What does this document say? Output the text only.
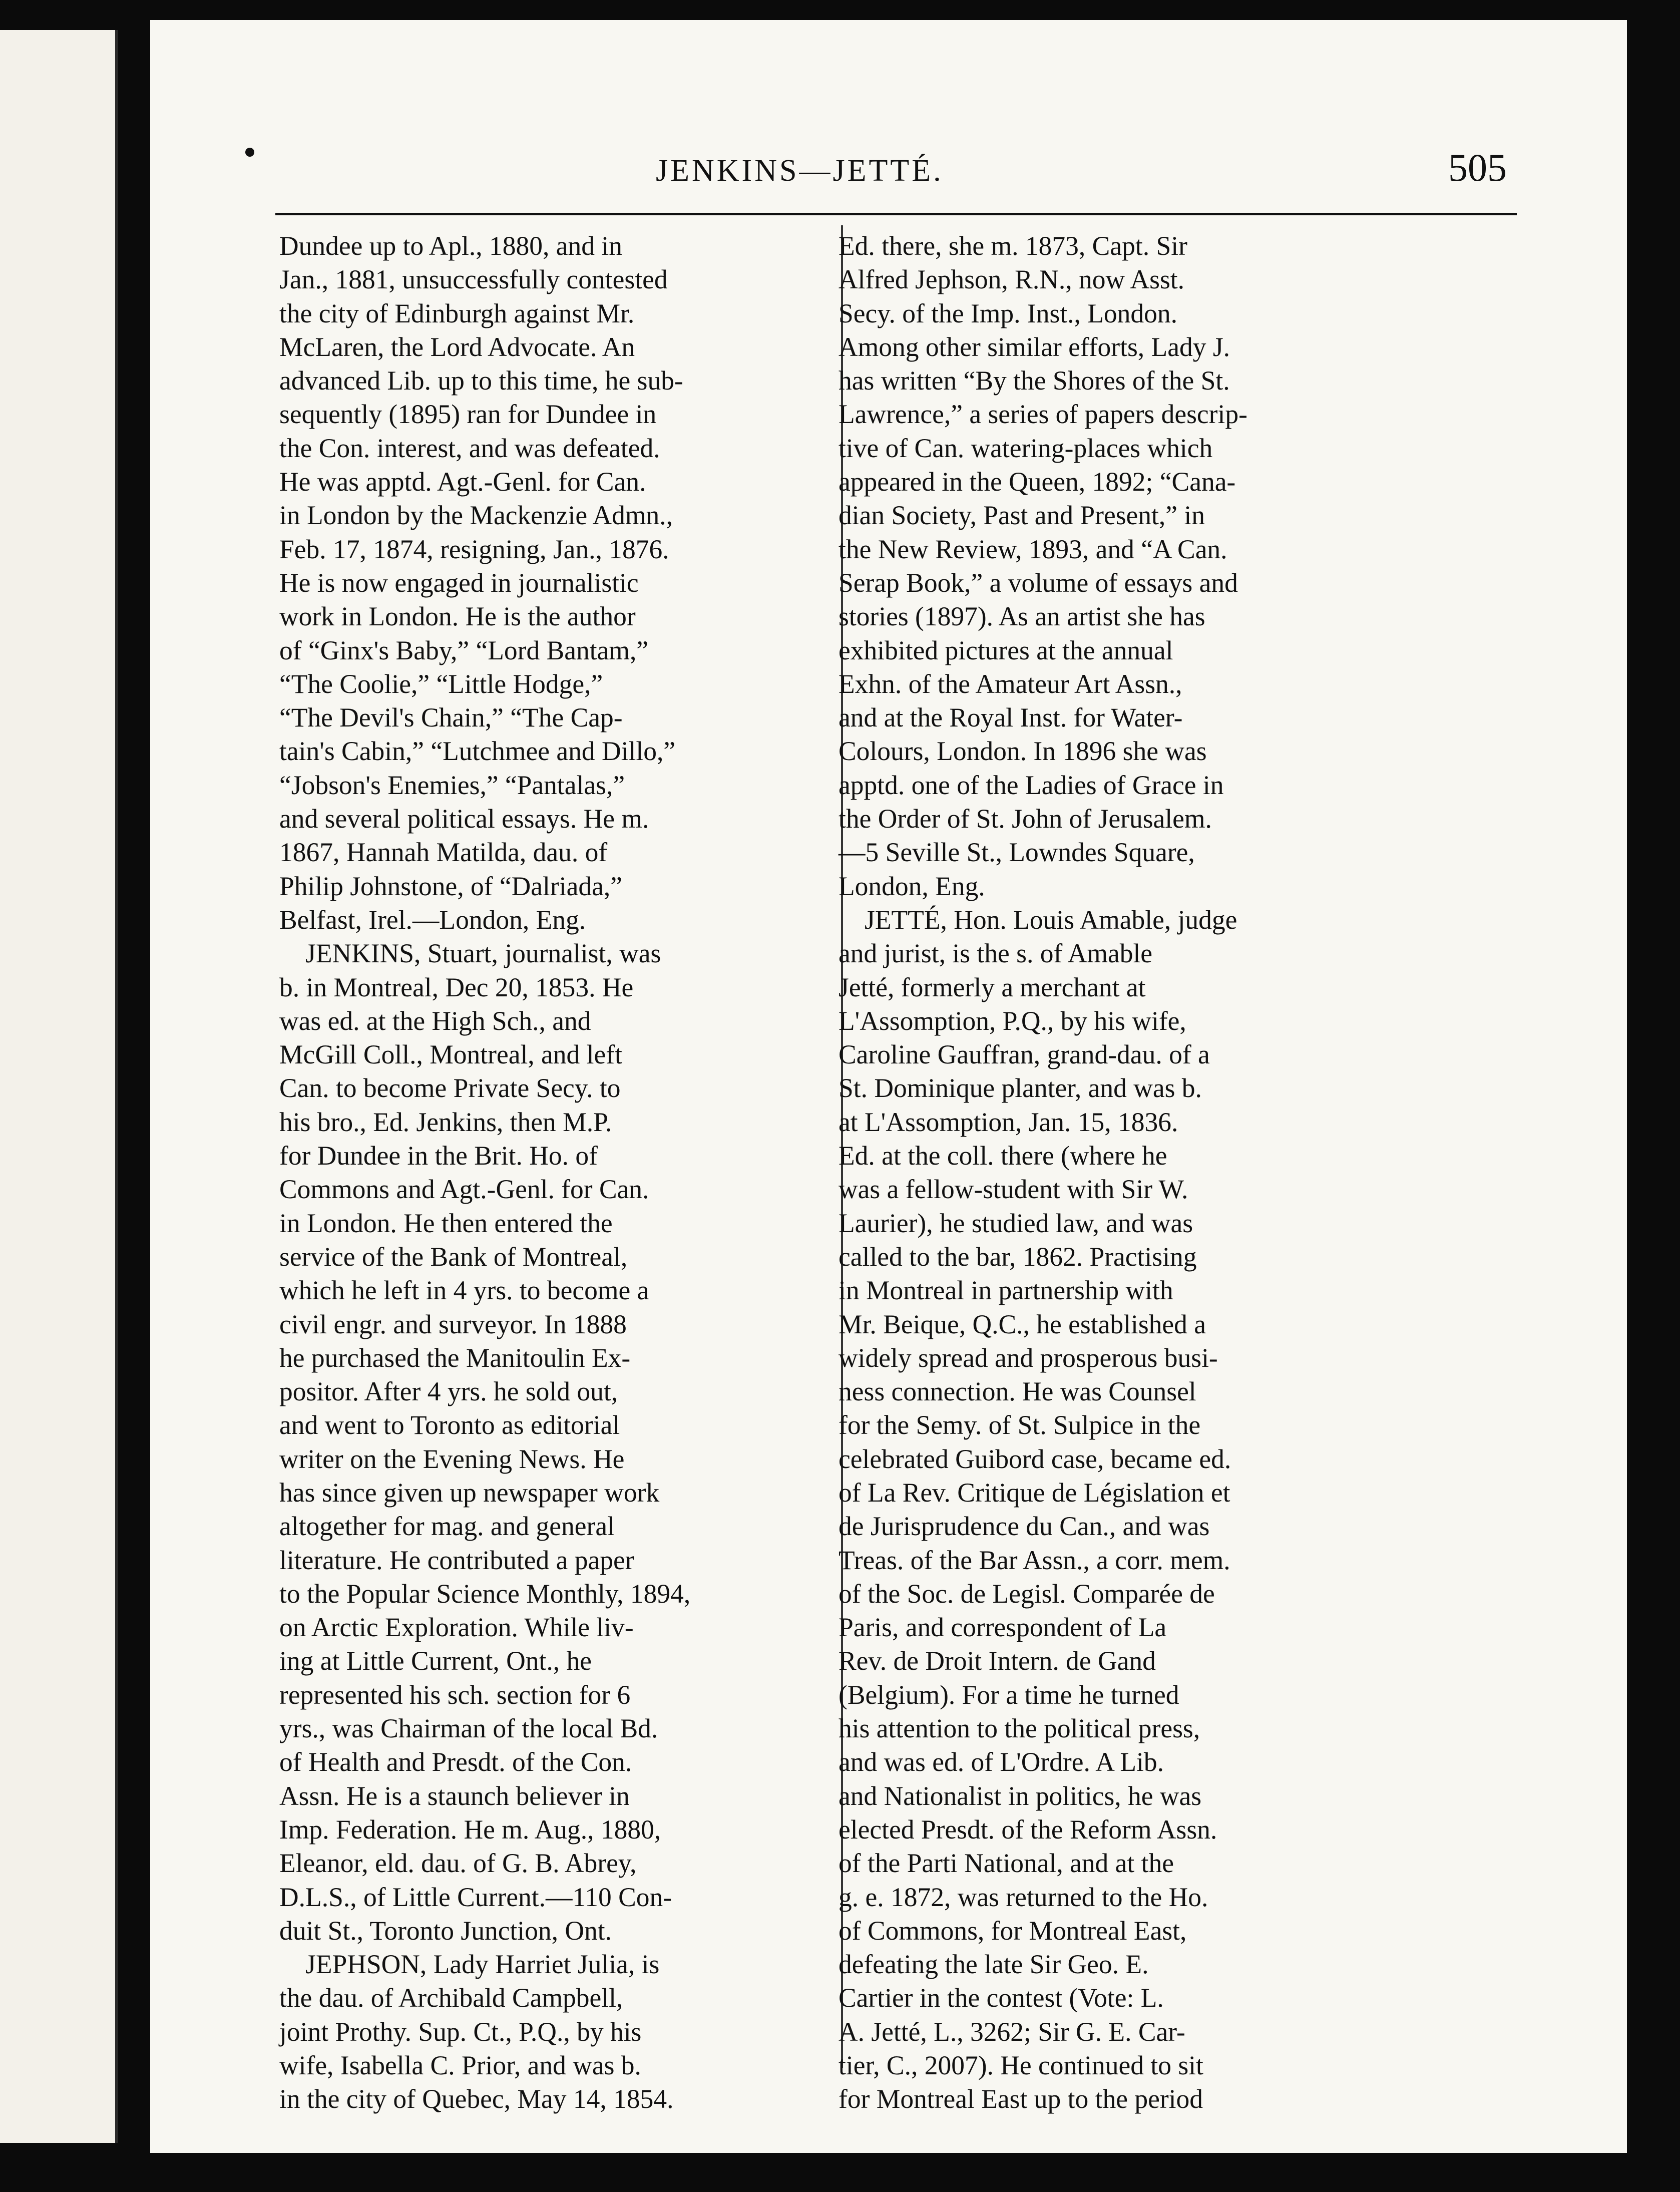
JENKINS—JETTÉ.	505
Dundee up to Apl., 1880, and in
Jan., 1881, unsuccessfully contested
the city of Edinburgh against Mr.
McLaren, the Lord Advocate. An
advanced Lib. up to this time, he sub-
sequently (1895) ran for Dundee in
the Con. interest, and was defeated.
He was apptd. Agt.-Genl. for Can.
in London by the Mackenzie Admn.,
Feb. 17, 1874, resigning, Jan., 1876.
He is now engaged in journalistic
work in London. He is the author
of “Ginx's Baby,” “Lord Bantam,”
“The Coolie,” “Little Hodge,”
“The Devil's Chain,” “The Cap-
tain's Cabin,” “Lutchmee and Dillo,”
“Jobson's Enemies,” “Pantalas,”
and several political essays. He m.
1867, Hannah Matilda, dau. of
Philip Johnstone, of “Dalriada,”
Belfast, Irel.—London, Eng.
JENKINS, Stuart, journalist, was
b. in Montreal, Dec 20, 1853. He
was ed. at the High Sch., and
McGill Coll., Montreal, and left
Can. to become Private Secy. to
his bro., Ed. Jenkins, then M.P.
for Dundee in the Brit. Ho. of
Commons and Agt.-Genl. for Can.
in London. He then entered the
service of the Bank of Montreal,
which he left in 4 yrs. to become a
civil engr. and surveyor. In 1888
he purchased the Manitoulin Ex-
positor. After 4 yrs. he sold out,
and went to Toronto as editorial
writer on the Evening News. He
has since given up newspaper work
altogether for mag. and general
literature. He contributed a paper
to the Popular Science Monthly, 1894,
on Arctic Exploration. While liv-
ing at Little Current, Ont., he
represented his sch. section for 6
yrs., was Chairman of the local Bd.
of Health and Presdt. of the Con.
Assn. He is a staunch believer in
Imp. Federation. He m. Aug., 1880,
Eleanor, eld. dau. of G. B. Abrey,
D.L.S., of Little Current.—110 Con-
duit St., Toronto Junction, Ont.
JEPHSON, Lady Harriet Julia, is
the dau. of Archibald Campbell,
joint Prothy. Sup. Ct., P.Q., by his
wife, Isabella C. Prior, and was b.
in the city of Quebec, May 14, 1854.
Ed. there, she m. 1873, Capt. Sir
Alfred Jephson, R.N., now Asst.
Secy. of the Imp. Inst., London.
Among other similar efforts, Lady J.
has written “By the Shores of the St.
Lawrence,” a series of papers descrip-
tive of Can. watering-places which
appeared in the Queen, 1892; “Cana-
dian Society, Past and Present,” in
the New Review, 1893, and “A Can.
Serap Book,” a volume of essays and
stories (1897). As an artist she has
exhibited pictures at the annual
Exhn. of the Amateur Art Assn.,
and at the Royal Inst. for Water-
Colours, London. In 1896 she was
apptd. one of the Ladies of Grace in
the Order of St. John of Jerusalem.
—5 Seville St., Lowndes Square,
London, Eng.
JETTÉ, Hon. Louis Amable, judge
and jurist, is the s. of Amable
Jetté, formerly a merchant at
L'Assomption, P.Q., by his wife,
Caroline Gauffran, grand-dau. of a
St. Dominique planter, and was b.
at L'Assomption, Jan. 15, 1836.
Ed. at the coll. there (where he
was a fellow-student with Sir W.
Laurier), he studied law, and was
called to the bar, 1862. Practising
in Montreal in partnership with
Mr. Beique, Q.C., he established a
widely spread and prosperous busi-
ness connection. He was Counsel
for the Semy. of St. Sulpice in the
celebrated Guibord case, became ed.
of La Rev. Critique de Législation et
de Jurisprudence du Can., and was
Treas. of the Bar Assn., a corr. mem.
of the Soc. de Legisl. Comparée de
Paris, and correspondent of La
Rev. de Droit Intern. de Gand
(Belgium). For a time he turned
his attention to the political press,
and was ed. of L'Ordre. A Lib.
and Nationalist in politics, he was
elected Presdt. of the Reform Assn.
of the Parti National, and at the
g. e. 1872, was returned to the Ho.
of Commons, for Montreal East,
defeating the late Sir Geo. E.
Cartier in the contest (Vote: L.
A. Jetté, L., 3262; Sir G. E. Car-
tier, C., 2007). He continued to sit
for Montreal East up to the period
